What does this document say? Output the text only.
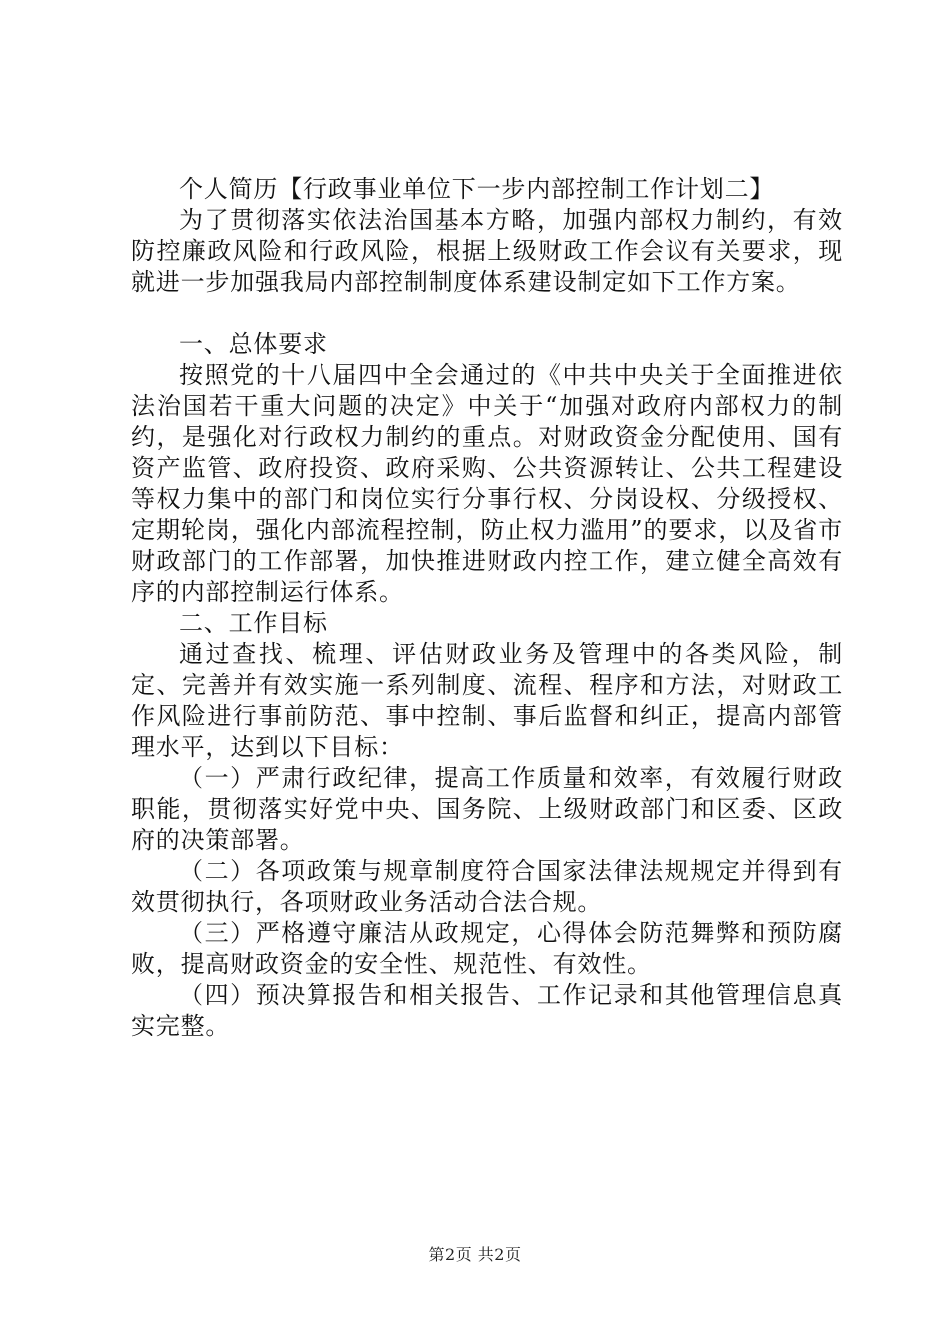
个人简历【行政事业单位下一步内部控制工作计划二】

为了贯彻落实依法治国基本方略，加强内部权力制约，有效防控廉政风险和行政风险，根据上级财政工作会议有关要求，现就进一步加强我局内部控制制度体系建设制定如下工作方案。

一、总体要求

按照党的十八届四中全会通过的《中共中央关于全面推进依法治国若干重大问题的决定》中关于“加强对政府内部权力的制约，是强化对行政权力制约的重点。对财政资金分配使用、国有资产监管、政府投资、政府采购、公共资源转让、公共工程建设等权力集中的部门和岗位实行分事行权、分岗设权、分级授权、定期轮岗，强化内部流程控制，防止权力滥用”的要求，以及省市财政部门的工作部署，加快推进财政内控工作，建立健全高效有序的内部控制运行体系。

二、工作目标

通过查找、梳理、评估财政业务及管理中的各类风险，制定、完善并有效实施一系列制度、流程、程序和方法，对财政工作风险进行事前防范、事中控制、事后监督和纠正，提高内部管理水平，达到以下目标：

（一）严肃行政纪律，提高工作质量和效率，有效履行财政职能，贯彻落实好党中央、国务院、上级财政部门和区委、区政府的决策部署。

（二）各项政策与规章制度符合国家法律法规规定并得到有效贯彻执行，各项财政业务活动合法合规。

（三）严格遵守廉洁从政规定，心得体会防范舞弊和预防腐败，提高财政资金的安全性、规范性、有效性。

（四）预决算报告和相关报告、工作记录和其他管理信息真实完整。

第2页 共2页
